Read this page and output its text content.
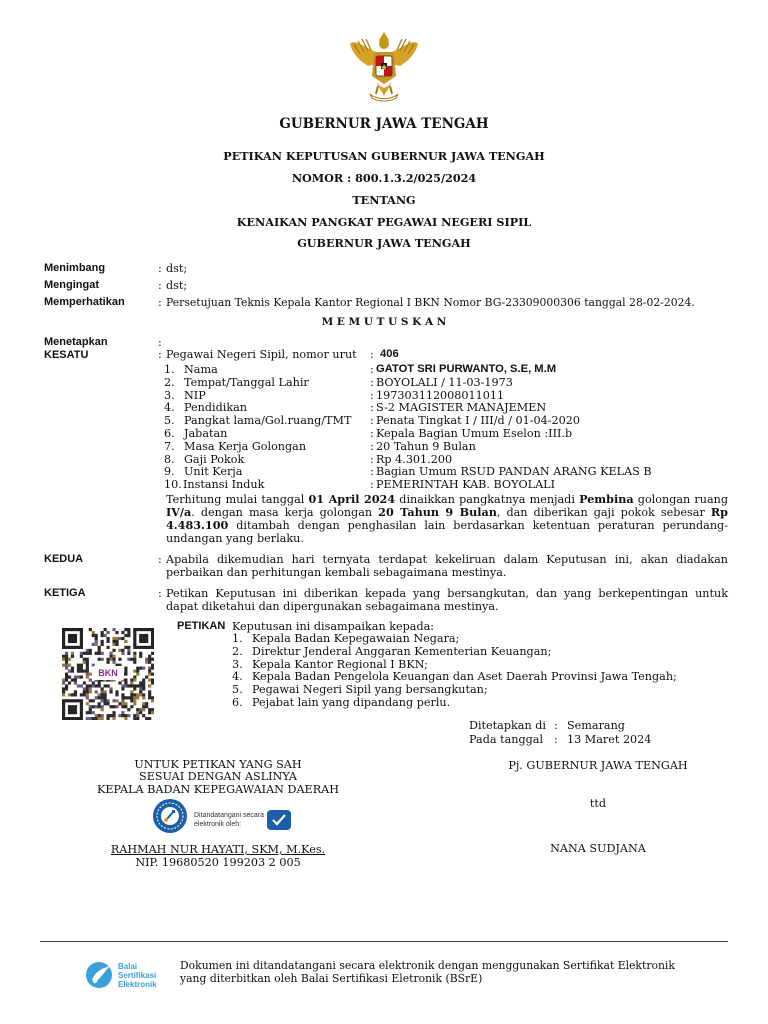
GUBERNUR JAWA TENGAH
PETIKAN KEPUTUSAN GUBERNUR JAWA TENGAH
NOMOR : 800.1.3.2/025/2024
TENTANG
KENAIKAN PANGKAT PEGAWAI NEGERI SIPIL
GUBERNUR JAWA TENGAH
Menimbang	: dst;
Mengingat	: dst;
Memperhatikan	: Persetujuan Teknis Kepala Kantor Regional I BKN Nomor BG-23309000306 tanggal 28-02-2024.
M E M U T U S K A N
Menetapkan	:
KESATU	: Pegawai Negeri Sipil, nomor urut : 406
1. Nama	: GATOT SRI PURWANTO, S.E, M.M
2. Tempat/Tanggal Lahir	: BOYOLALI / 11-03-1973
3. NIP	: 197303112008011011
4. Pendidikan	: S-2 MAGISTER MANAJEMEN
5. Pangkat lama/Gol.ruang/TMT : Penata Tingkat I / III/d / 01-04-2020
6. Jabatan	: Kepala Bagian Umum Eselon :III.b
7. Masa Kerja Golongan	: 20 Tahun 9 Bulan
8. Gaji Pokok	: Rp 4.301.200
9. Unit Kerja	: Bagian Umum RSUD PANDAN ARANG KELAS B
10. Instansi Induk	: PEMERINTAH KAB. BOYOLALI
Terhitung mulai tanggal 01 April 2024 dinaikkan pangkatnya menjadi Pembina golongan ruang IV/a. dengan masa kerja golongan 20 Tahun 9 Bulan, dan diberikan gaji pokok sebesar Rp 4.483.100 ditambah dengan penghasilan lain berdasarkan ketentuan peraturan perundang-undangan yang berlaku.
KEDUA	: Apabila dikemudian hari ternyata terdapat kekeliruan dalam Keputusan ini, akan diadakan perbaikan dan perhitungan kembali sebagaimana mestinya.
KETIGA	: Petikan Keputusan ini diberikan kepada yang bersangkutan, dan yang berkepentingan untuk dapat diketahui dan dipergunakan sebagaimana mestinya.
BKN
PETIKAN Keputusan ini disampaikan kepada:
1. Kepala Badan Kepegawaian Negara;
2. Direktur Jenderal Anggaran Kementerian Keuangan;
3. Kepala Kantor Regional I BKN;
4. Kepala Badan Pengelola Keuangan dan Aset Daerah Provinsi Jawa Tengah;
5. Pegawai Negeri Sipil yang bersangkutan;
6. Pejabat lain yang dipandang perlu.
Ditetapkan di : Semarang
Pada tanggal : 13 Maret 2024
UNTUK PETIKAN YANG SAH
SESUAI DENGAN ASLINYA
KEPALA BADAN KEPEGAWAIAN DAERAH
Ditandatangani secara elektronik oleh:
RAHMAH NUR HAYATI, SKM, M.Kes.
NIP. 19680520 199203 2 005
Pj. GUBERNUR JAWA TENGAH
ttd
NANA SUDJANA
Balai Sertifikasi Elektronik
Dokumen ini ditandatangani secara elektronik dengan menggunakan Sertifikat Elektronik
yang diterbitkan oleh Balai Sertifikasi Eletronik (BSrE)
